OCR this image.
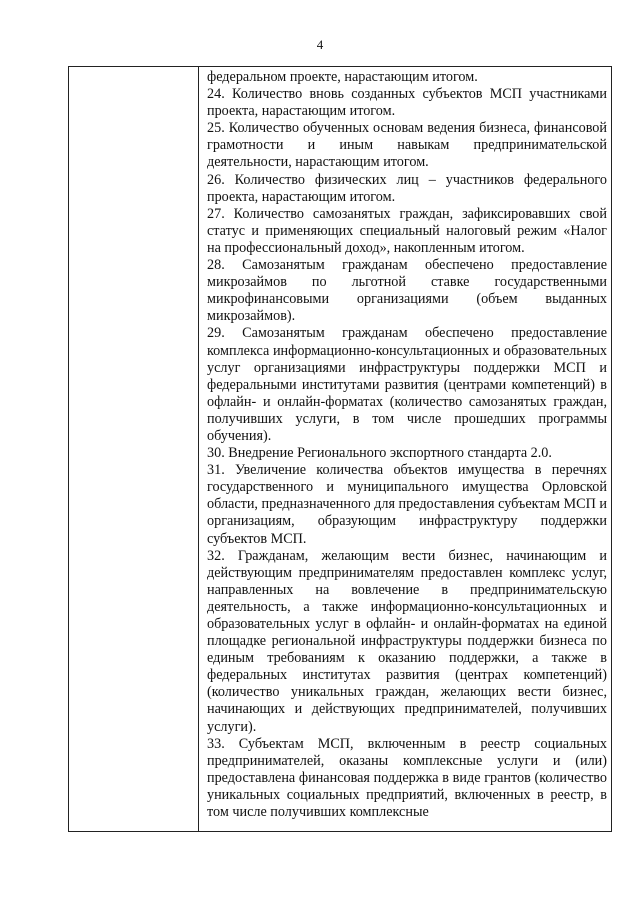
4

федеральном проекте, нарастающим итогом.

24. Количество вновь созданных субъектов МСП участниками проекта, нарастающим итогом.

25. Количество обученных основам ведения бизнеса, финансовой грамотности и иным навыкам предпринимательской деятельности, нарастающим итогом.

26. Количество физических лиц – участников федерального проекта, нарастающим итогом.

27. Количество самозанятых граждан, зафиксировавших свой статус и применяющих специальный налоговый режим «Налог на профессиональный доход», накопленным итогом.

28. Самозанятым гражданам обеспечено предоставление микрозаймов по льготной ставке государственными микрофинансовыми организациями (объем выданных микрозаймов).

29. Самозанятым гражданам обеспечено предоставление комплекса информационно-консультационных и образовательных услуг организациями инфраструктуры поддержки МСП и федеральными институтами развития (центрами компетенций) в офлайн- и онлайн-форматах (количество самозанятых граждан, получивших услуги, в том числе прошедших программы обучения).

30. Внедрение Регионального экспортного стандарта 2.0.

31. Увеличение количества объектов имущества в перечнях государственного и муниципального имущества Орловской области, предназначенного для предоставления субъектам МСП и организациям, образующим инфраструктуру поддержки субъектов МСП.

32. Гражданам, желающим вести бизнес, начинающим и действующим предпринимателям предоставлен комплекс услуг, направленных на вовлечение в предпринимательскую деятельность, а также информационно-консультационных и образовательных услуг в офлайн- и онлайн-форматах на единой площадке региональной инфраструктуры поддержки бизнеса по единым требованиям к оказанию поддержки, а также в федеральных институтах развития (центрах компетенций) (количество уникальных граждан, желающих вести бизнес, начинающих и действующих предпринимателей, получивших услуги).

33. Субъектам МСП, включенным в реестр социальных предпринимателей, оказаны комплексные услуги и (или) предоставлена финансовая поддержка в виде грантов (количество уникальных социальных предприятий, включенных в реестр, в том числе получивших комплексные
